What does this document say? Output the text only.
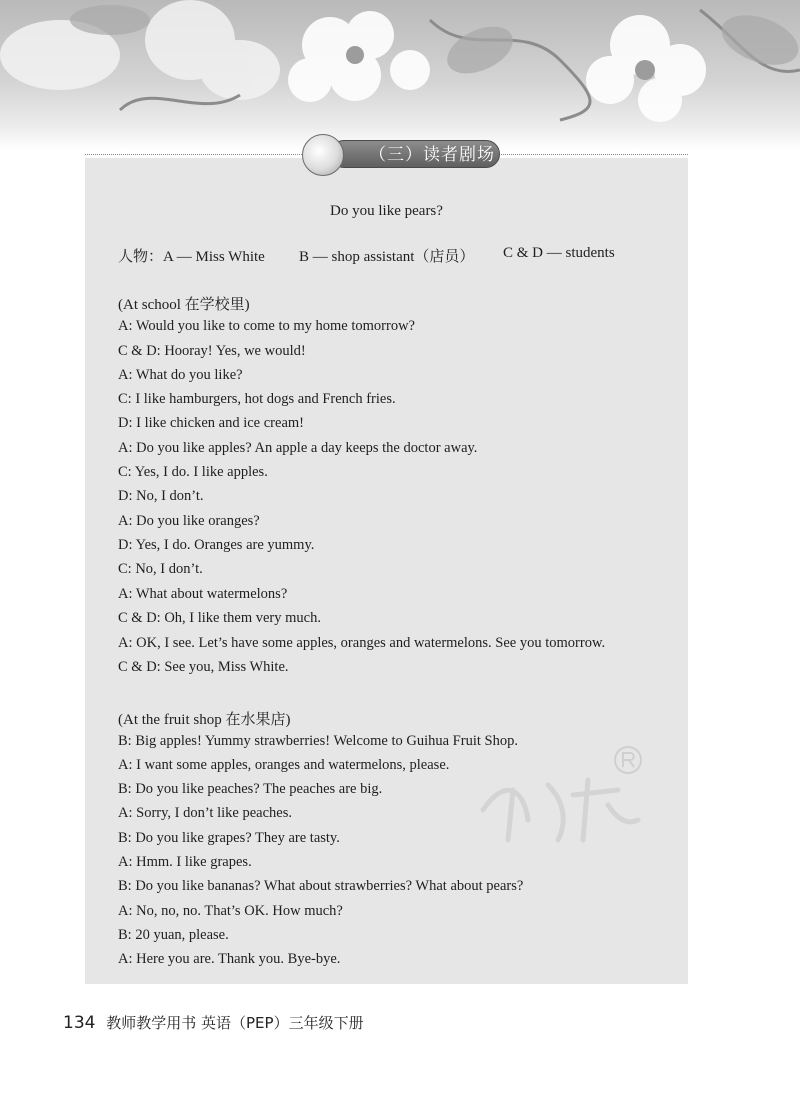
（三）读者剧场
Do you like pears?
人物：A — Miss White B — shop assistant（店员） C & D — students
(At school 在学校里)
A: Would you like to come to my home tomorrow?
C & D: Hooray! Yes, we would!
A: What do you like?
C: I like hamburgers, hot dogs and French fries.
D: I like chicken and ice cream!
A: Do you like apples? An apple a day keeps the doctor away.
C: Yes, I do. I like apples.
D: No, I don’t.
A: Do you like oranges?
D: Yes, I do. Oranges are yummy.
C: No, I don’t.
A: What about watermelons?
C & D: Oh, I like them very much.
A: OK, I see. Let’s have some apples, oranges and watermelons. See you tomorrow.
C & D: See you, Miss White.
(At the fruit shop 在水果店)
B: Big apples! Yummy strawberries! Welcome to Guihua Fruit Shop.
A: I want some apples, oranges and watermelons, please.
B: Do you like peaches? The peaches are big.
A: Sorry, I don’t like peaches.
B: Do you like grapes? They are tasty.
A: Hmm. I like grapes.
B: Do you like bananas? What about strawberries? What about pears?
A: No, no, no. That’s OK. How much?
B: 20 yuan, please.
A: Here you are. Thank you. Bye-bye.
134 教师教学用书 英语（PEP）三年级下册
